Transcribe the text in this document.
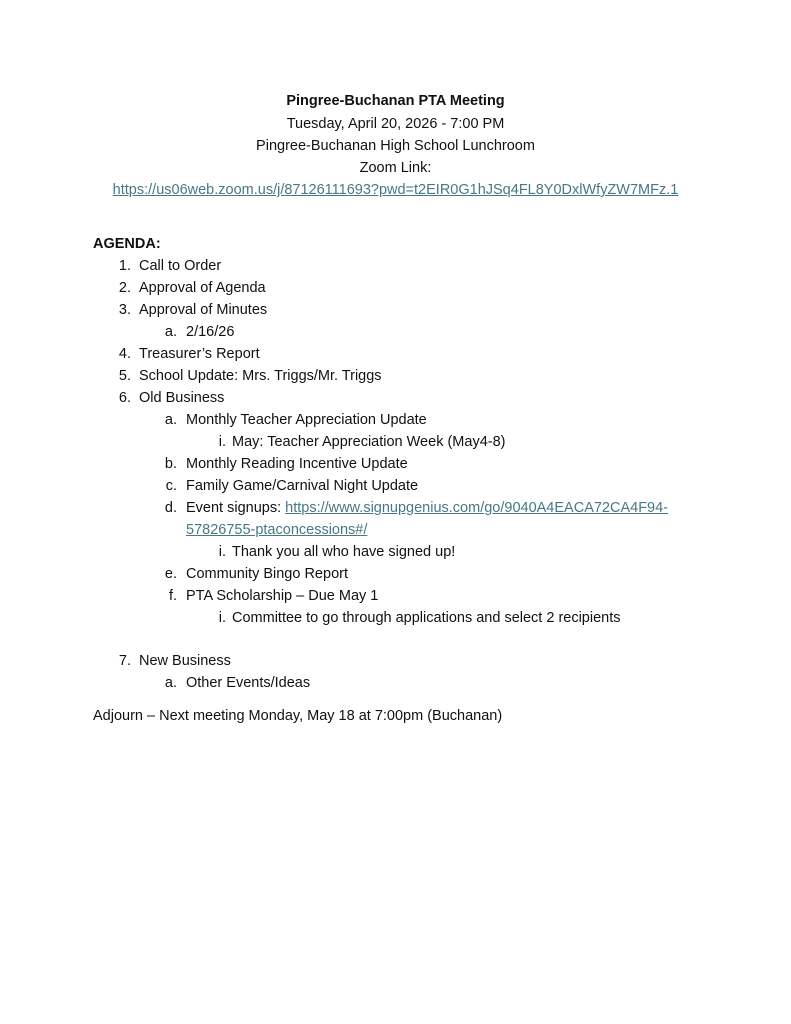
Pingree-Buchanan PTA Meeting
Tuesday, April 20, 2026 - 7:00 PM
Pingree-Buchanan High School Lunchroom
Zoom Link:
https://us06web.zoom.us/j/87126111693?pwd=t2EIR0G1hJSq4FL8Y0DxlWfyZW7MFz.1
AGENDA:
1. Call to Order
2. Approval of Agenda
3. Approval of Minutes
a. 2/16/26
4. Treasurer’s Report
5. School Update: Mrs. Triggs/Mr. Triggs
6. Old Business
a. Monthly Teacher Appreciation Update
i. May: Teacher Appreciation Week (May4-8)
b. Monthly Reading Incentive Update
c. Family Game/Carnival Night Update
d.
57826755-ptaconcessions#/
Event signups: https://www.signupgenius.com/go/9040A4EACA72CA4F94-
i. Thank you all who have signed up!
e. Community Bingo Report
f. PTA Scholarship – Due May 1
i. Committee to go through applications and select 2 recipients
7. New Business
a. Other Events/Ideas
Adjourn – Next meeting Monday, May 18 at 7:00pm (Buchanan)
